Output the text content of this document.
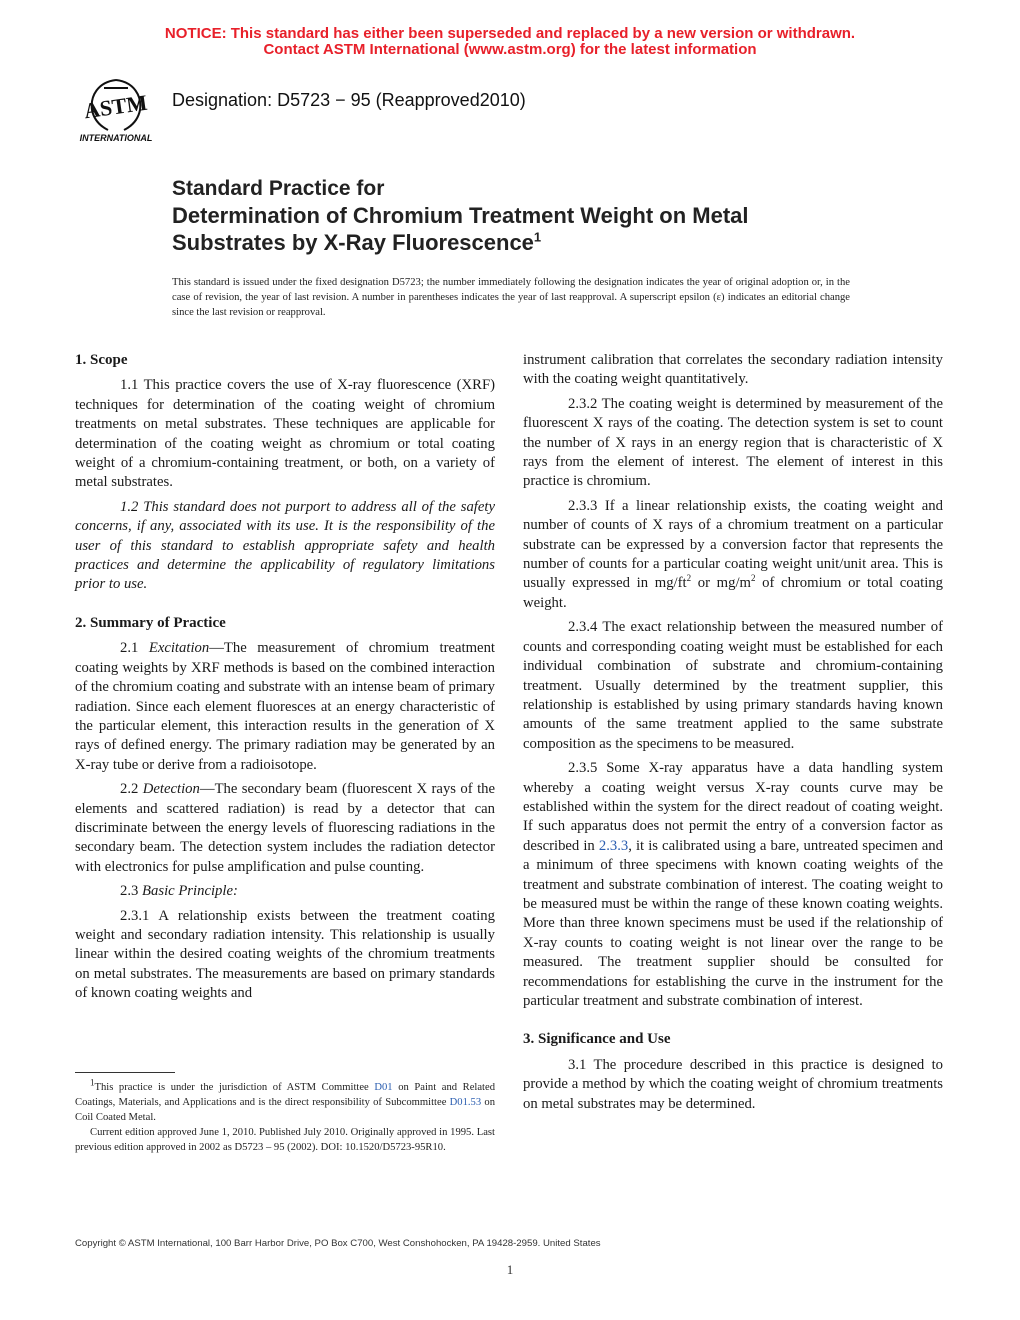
NOTICE: This standard has either been superseded and replaced by a new version or withdrawn.
Contact ASTM International (www.astm.org) for the latest information
ASTM
INTERNATIONAL
Designation: D5723 − 95 (Reapproved2010)
Standard Practice for
Determination of Chromium Treatment Weight on Metal
Substrates by X-Ray Fluorescence$^1$
This standard is issued under the fixed designation D5723; the number immediately following the designation indicates the year of original adoption or, in the case of revision, the year of last revision. A number in parentheses indicates the year of last reapproval. A superscript epsilon (ε) indicates an editorial change since the last revision or reapproval.
1. Scope

1.1 This practice covers the use of X-ray fluorescence (XRF) techniques for determination of the coating weight of chromium treatments on metal substrates. These techniques are applicable for determination of the coating weight as chromium or total coating weight of a chromium-containing treatment, or both, on a variety of metal substrates.

1.2 This standard does not purport to address all of the safety concerns, if any, associated with its use. It is the responsibility of the user of this standard to establish appropriate safety and health practices and determine the applicability of regulatory limitations prior to use.

2. Summary of Practice

2.1 Excitation—The measurement of chromium treatment coating weights by XRF methods is based on the combined interaction of the chromium coating and substrate with an intense beam of primary radiation. Since each element fluoresces at an energy characteristic of the particular element, this interaction results in the generation of X rays of defined energy. The primary radiation may be generated by an X-ray tube or derive from a radioisotope.

2.2 Detection—The secondary beam (fluorescent X rays of the elements and scattered radiation) is read by a detector that can discriminate between the energy levels of fluorescing radiations in the secondary beam. The detection system includes the radiation detector with electronics for pulse amplification and pulse counting.

2.3 Basic Principle:

2.3.1 A relationship exists between the treatment coating weight and secondary radiation intensity. This relationship is usually linear within the desired coating weights of the chromium treatments on metal substrates. The measurements are based on primary standards of known coating weights and

$^1$This practice is under the jurisdiction of ASTM Committee D01 on Paint and Related Coatings, Materials, and Applications and is the direct responsibility of Subcommittee D01.53 on Coil Coated Metal.

Current edition approved June 1, 2010. Published July 2010. Originally approved in 1995. Last previous edition approved in 2002 as D5723 – 95 (2002). DOI: 10.1520/D5723-95R10.

instrument calibration that correlates the secondary radiation intensity with the coating weight quantitatively.

2.3.2 The coating weight is determined by measurement of the fluorescent X rays of the coating. The detection system is set to count the number of X rays in an energy region that is characteristic of X rays from the element of interest. The element of interest in this practice is chromium.

2.3.3 If a linear relationship exists, the coating weight and number of counts of X rays of a chromium treatment on a particular substrate can be expressed by a conversion factor that represents the number of counts for a particular coating weight unit/unit area. This is usually expressed in $mg/ft^2$ or $mg/m^2$ of chromium or total coating weight.

2.3.4 The exact relationship between the measured number of counts and corresponding coating weight must be established for each individual combination of substrate and chromium-containing treatment. Usually determined by the treatment supplier, this relationship is established by using primary standards having known amounts of the same treatment applied to the same substrate composition as the specimens to be measured.

2.3.5 Some X-ray apparatus have a data handling system whereby a coating weight versus X-ray counts curve may be established within the system for the direct readout of coating weight. If such apparatus does not permit the entry of a conversion factor as described in 2.3.3, it is calibrated using a bare, untreated specimen and a minimum of three specimens with known coating weights of the treatment and substrate combination of interest. The coating weight to be measured must be within the range of these known coating weights. More than three known specimens must be used if the relationship of X-ray counts to coating weight is not linear over the range to be measured. The treatment supplier should be consulted for recommendations for establishing the curve in the instrument for the particular treatment and substrate combination of interest.

3. Significance and Use

3.1 The procedure described in this practice is designed to provide a method by which the coating weight of chromium treatments on metal substrates may be determined.

Copyright © ASTM International, 100 Barr Harbor Drive, PO Box C700, West Conshohocken, PA 19428-2959. United States
1
